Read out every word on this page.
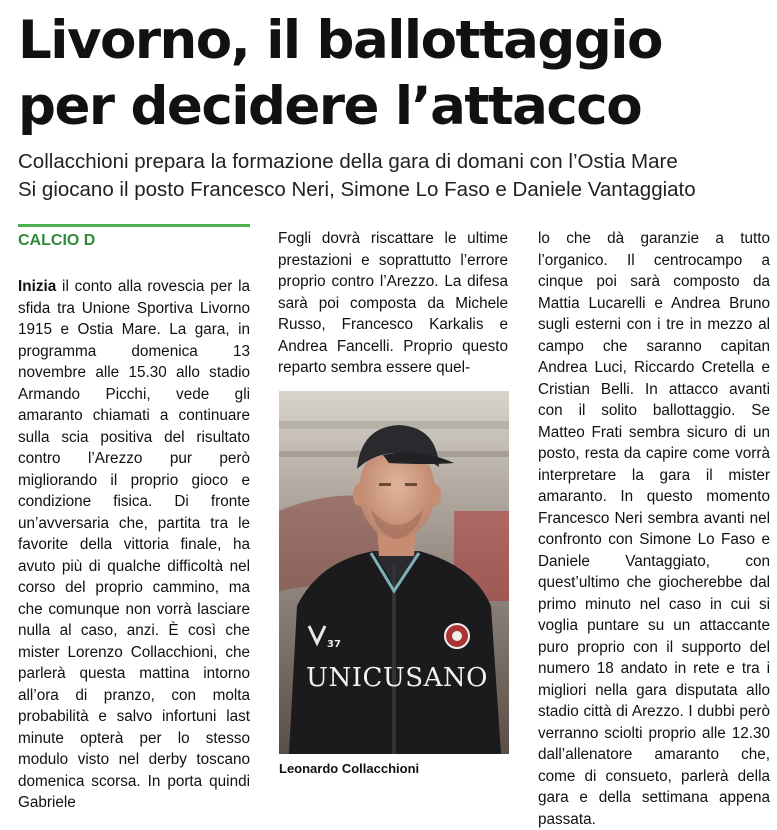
Livorno, il ballottaggio
per decidere l’attacco
Collacchioni prepara la formazione della gara di domani con l’Ostia Mare
Si giocano il posto Francesco Neri, Simone Lo Faso e Daniele Vantaggiato
CALCIO D
Inizia il conto alla rovescia per la sfida tra Unione Sportiva Livorno 1915 e Ostia Mare. La gara, in programma domenica 13 novembre alle 15.30 allo stadio Armando Picchi, vede gli amaranto chiamati a continuare sulla scia positiva del risultato contro l’Arezzo pur però migliorando il proprio gioco e condizione fisica. Di fronte un’avversaria che, partita tra le favorite della vittoria finale, ha avuto più di qualche difficoltà nel corso del proprio cammino, ma che comunque non vorrà lasciare nulla al caso, anzi. È così che mister Lorenzo Collacchioni, che parlerà questa mattina intorno all’ora di pranzo, con molta probabilità e salvo infortuni last minute opterà per lo stesso modulo visto nel derby toscano domenica scorsa. In porta quindi Gabriele
Fogli dovrà riscattare le ultime prestazioni e soprattutto l’errore proprio contro l’Arezzo. La difesa sarà poi composta da Michele Russo, Francesco Karkalis e Andrea Fancelli. Proprio questo reparto sembra essere quel-
37
UNICUSANO
Leonardo Collacchioni
lo che dà garanzie a tutto l’organico. Il centrocampo a cinque poi sarà composto da Mattia Lucarelli e Andrea Bruno sugli esterni con i tre in mezzo al campo che saranno capitan Andrea Luci, Riccardo Cretella e Cristian Belli. In attacco avanti con il solito ballottaggio. Se Matteo Frati sembra sicuro di un posto, resta da capire come vorrà interpretare la gara il mister amaranto. In questo momento Francesco Neri sembra avanti nel confronto con Simone Lo Faso e Daniele Vantaggiato, con quest’ultimo che giocherebbe dal primo minuto nel caso in cui si voglia puntare su un attaccante puro proprio con il supporto del numero 18 andato in rete e tra i migliori nella gara disputata allo stadio città di Arezzo. I dubbi però verranno sciolti proprio alle 12.30 dall’allenatore amaranto che, come di consueto, parlerà della gara e della settimana appena passata.
